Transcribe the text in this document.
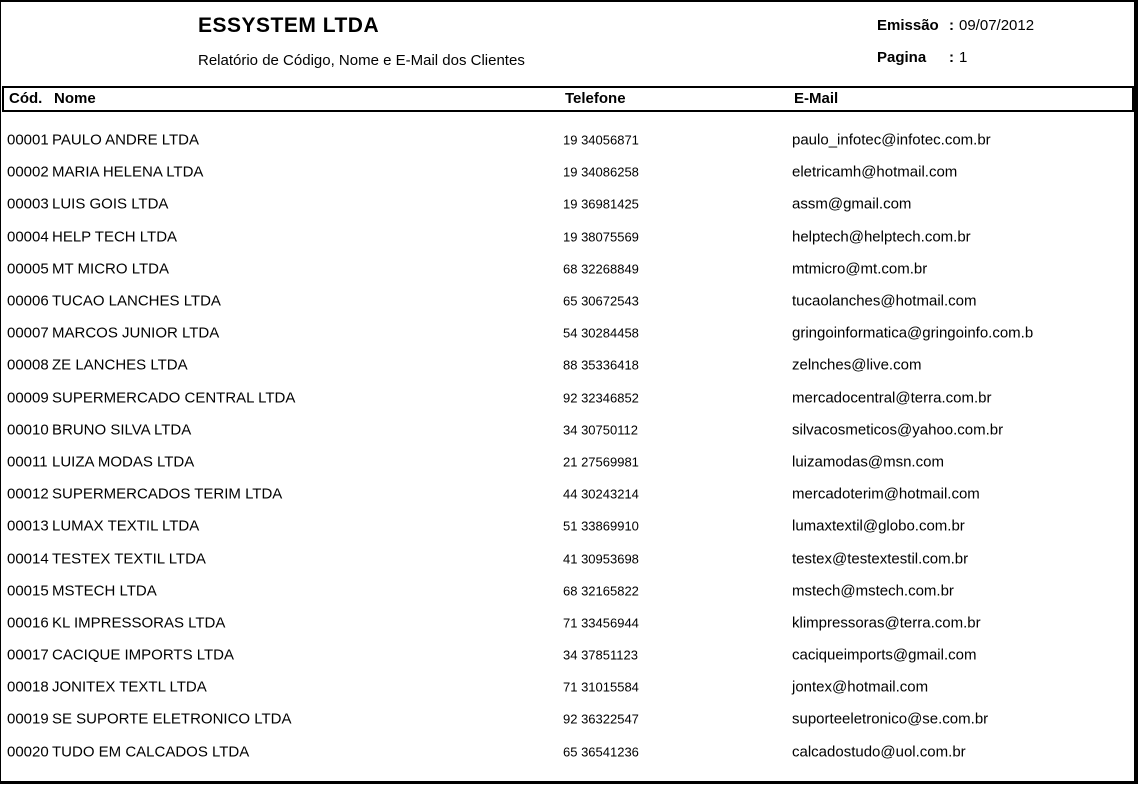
ESSYSTEM LTDA
Relatório de Código, Nome e E-Mail dos Clientes
Emissão : 09/07/2012
Pagina : 1
Cód. Nome	Telefone	E-Mail
00001 PAULO ANDRE LTDA	19 34056871	paulo_infotec@infotec.com.br
00002 MARIA HELENA LTDA	19 34086258	eletricamh@hotmail.com
00003 LUIS GOIS LTDA	19 36981425	assm@gmail.com
00004 HELP TECH LTDA	19 38075569	helptech@helptech.com.br
00005 MT MICRO LTDA	68 32268849	mtmicro@mt.com.br
00006 TUCAO LANCHES LTDA	65 30672543	tucaolanches@hotmail.com
00007 MARCOS JUNIOR LTDA	54 30284458	gringoinformatica@gringoinfo.com.b
00008 ZE LANCHES LTDA	88 35336418	zelnches@live.com
00009 SUPERMERCADO CENTRAL LTDA	92 32346852	mercadocentral@terra.com.br
00010 BRUNO SILVA LTDA	34 30750112	silvacosmeticos@yahoo.com.br
00011 LUIZA MODAS LTDA	21 27569981	luizamodas@msn.com
00012 SUPERMERCADOS TERIM LTDA	44 30243214	mercadoterim@hotmail.com
00013 LUMAX TEXTIL LTDA	51 33869910	lumaxtextil@globo.com.br
00014 TESTEX TEXTIL LTDA	41 30953698	testex@testextestil.com.br
00015 MSTECH LTDA	68 32165822	mstech@mstech.com.br
00016 KL IMPRESSORAS LTDA	71 33456944	klimpressoras@terra.com.br
00017 CACIQUE IMPORTS LTDA	34 37851123	caciqueimports@gmail.com
00018 JONITEX TEXTL LTDA	71 31015584	jontex@hotmail.com
00019 SE SUPORTE ELETRONICO LTDA	92 36322547	suporteeletronico@se.com.br
00020 TUDO EM CALCADOS LTDA	65 36541236	calcadostudo@uol.com.br
